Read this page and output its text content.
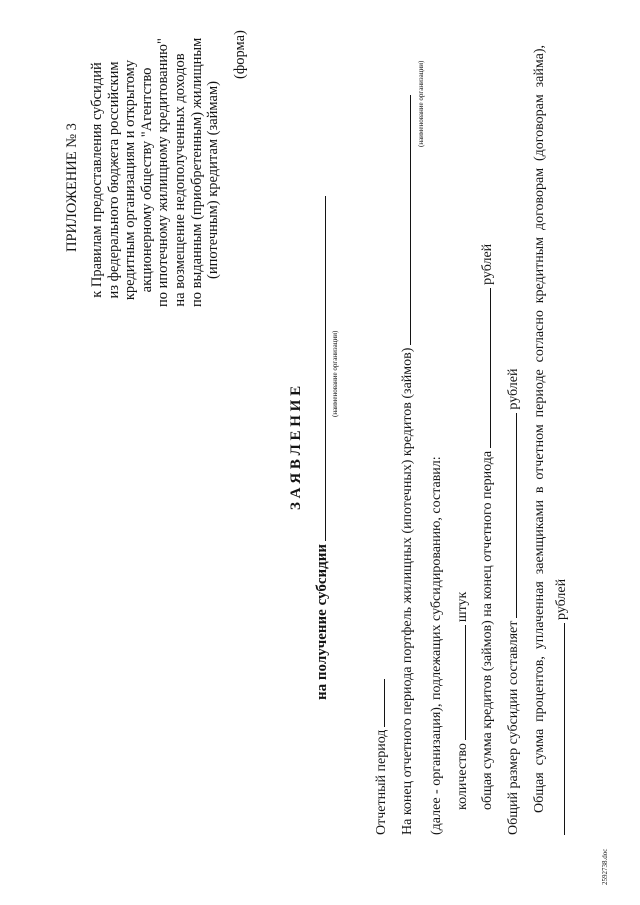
ПРИЛОЖЕНИЕ № 3 к Правилам предоставления субсидий из федерального бюджета российским кредитным организациям и открытому акционерному обществу "Агентство по ипотечному жилищному кредитованию" на возмещение недополученных доходов по выданным (приобретенным) жилищным (ипотечным) кредитам (займам)
(форма)
З А Я В Л Е Н И Е
на получение субсидии
(наименование организации)
Отчетный период На конец отчетного периода портфель жилищных (ипотечных) кредитов (займов)
(наименование организации)
(далее - организация), подлежащих субсидированию, составил: количествоштук общая сумма кредитов (займов) на конец отчетного периодарублей
Общий размер субсидии составляетрублей Общая сумма процентов, уплаченная заемщиками в отчетном периоде согласно кредитным договорам (договорам займа), рублей
2592738.doc
